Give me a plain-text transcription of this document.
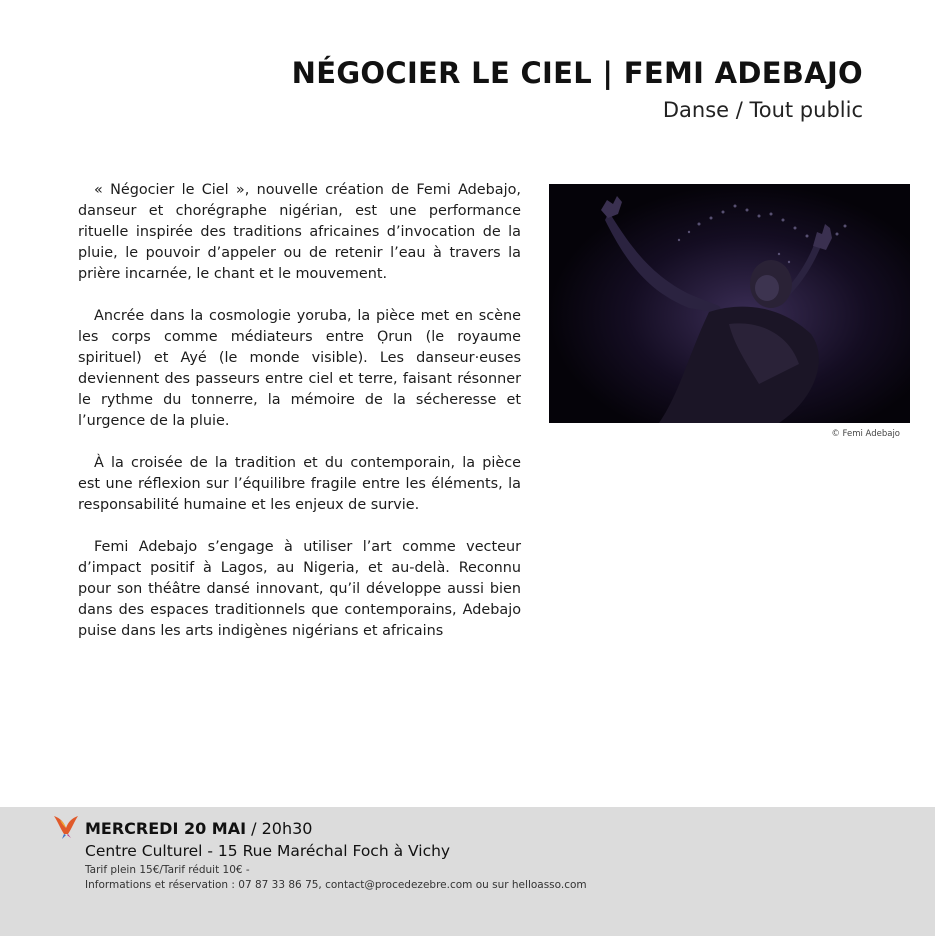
NÉGOCIER LE CIEL | FEMI ADEBAJO
Danse / Tout public

« Négocier le Ciel », nouvelle création de Femi Adebajo, danseur et chorégraphe nigérian, est une performance rituelle inspirée des traditions africaines d’invocation de la pluie, le pouvoir d’appeler ou de retenir l’eau à travers la prière incarnée, le chant et le mouvement.

Ancrée dans la cosmologie yoruba, la pièce met en scène les corps comme médiateurs entre Ọrun (le royaume spirituel) et Ayé (le monde visible). Les danseur·euses deviennent des passeurs entre ciel et terre, faisant résonner le rythme du tonnerre, la mémoire de la sécheresse et l’urgence de la pluie.

À la croisée de la tradition et du contemporain, la pièce est une réflexion sur l’équilibre fragile entre les éléments, la responsabilité humaine et les enjeux de survie.

Femi Adebajo s’engage à utiliser l’art comme vecteur d’impact positif à Lagos, au Nigeria, et au-delà. Reconnu pour son théâtre dansé innovant, qu’il développe aussi bien dans des espaces traditionnels que contemporains, Adebajo puise dans les arts indigènes nigérians et africains

© Femi Adebajo
MERCREDI 20 MAI / 20h30
Centre Culturel - 15 Rue Maréchal Foch à Vichy
Tarif plein 15€/Tarif réduit 10€ -
Informations et réservation : 07 87 33 86 75, contact@procedezebre.com ou sur helloasso.com
